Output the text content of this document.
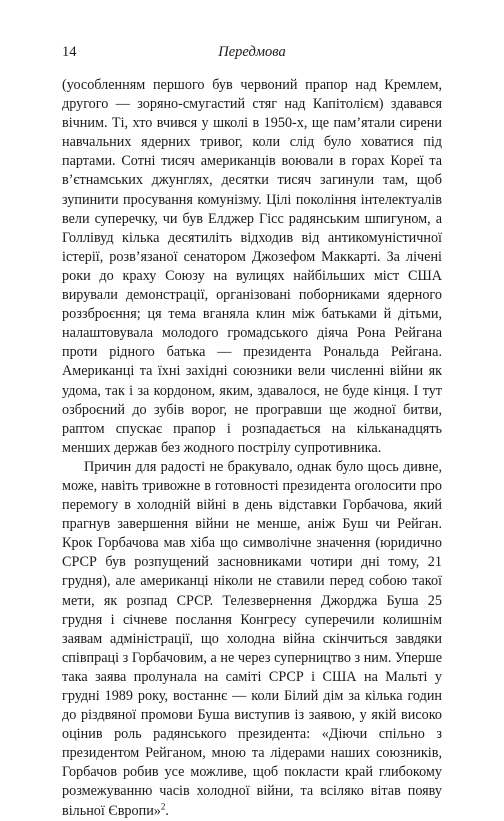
14	Передмова

(уособленням першого був червоний прапор над Кремлем, другого — зоряно-смугастий стяг над Капітолієм) здавався вічним. Ті, хто вчився у школі в 1950-х, ще пам’ятали сирени навчальних ядерних тривог, коли слід було ховатися під партами. Сотні тисяч американців воювали в горах Кореї та в’єтнамських джунглях, десятки тисяч загинули там, щоб зупинити просування комунізму. Цілі покоління інтелектуалів вели суперечку, чи був Елджер Гісс радянським шпигуном, а Голлівуд кілька десятиліть відходив від антикомуністичної істерії, розв’язаної сенатором Джозефом Маккарті. За лічені роки до краху Союзу на вулицях найбільших міст США вирували демонстрації, організовані поборниками ядерного роззброєння; ця тема вганяла клин між батьками й дітьми, налаштовувала молодого громадського діяча Рона Рейгана проти рідного батька — президента Рональда Рейгана. Американці та їхні західні союзники вели численні війни як удома, так і за кордоном, яким, здавалося, не буде кінця. І тут озброєний до зубів ворог, не програвши ще жодної битви, раптом спускає прапор і розпадається на кільканадцять менших держав без жодного пострілу супротивника.

Причин для радості не бракувало, однак було щось дивне, може, навіть тривожне в готовності президента оголосити про перемогу в холодній війні в день відставки Горбачова, який прагнув завершення війни не менше, аніж Буш чи Рейган. Крок Горбачова мав хіба що символічне значення (юридично СРСР був розпущений засновниками чотири дні тому, 21 грудня), але американці ніколи не ставили перед собою такої мети, як розпад СРСР. Телезвернення Джорджа Буша 25 грудня і січневе послання Конгресу суперечили колишнім заявам адміністрації, що холодна війна скінчиться завдяки співпраці з Горбачовим, а не через суперництво з ним. Уперше така заява пролунала на саміті СРСР і США на Мальті у грудні 1989 року, востаннє — коли Білий дім за кілька годин до різдвяної промови Буша виступив із заявою, у якій високо оцінив роль радянського президента: «Діючи спільно з президентом Рейганом, мною та лідерами наших союзників, Горбачов робив усе можливе, щоб покласти край глибокому розмежуванню часів холодної війни, та всіляко вітав появу вільної Європи»$^2$.
